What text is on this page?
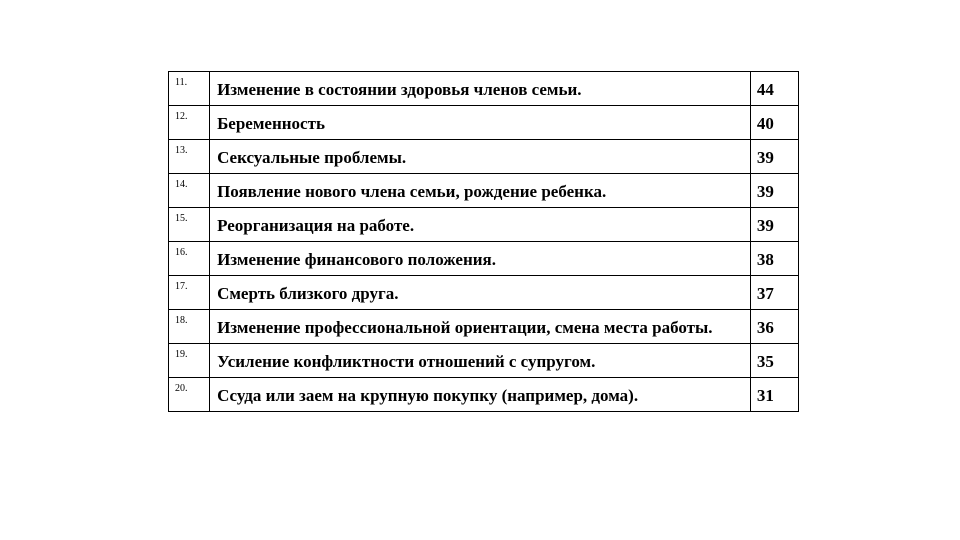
11.	Изменение в состоянии здоровья членов семьи.	44
12.	Беременность	40
13.	Сексуальные проблемы.	39
14.	Появление нового члена семьи, рождение ребенка.	39
15.	Реорганизация на работе.	39
16.	Изменение финансового положения.	38
17.	Смерть близкого друга.	37
18.	Изменение профессиональной ориентации, смена места работы.	36
19.	Усиление конфликтности отношений с супругом.	35
20.	Ссуда или заем на крупную покупку (например, дома).	31
